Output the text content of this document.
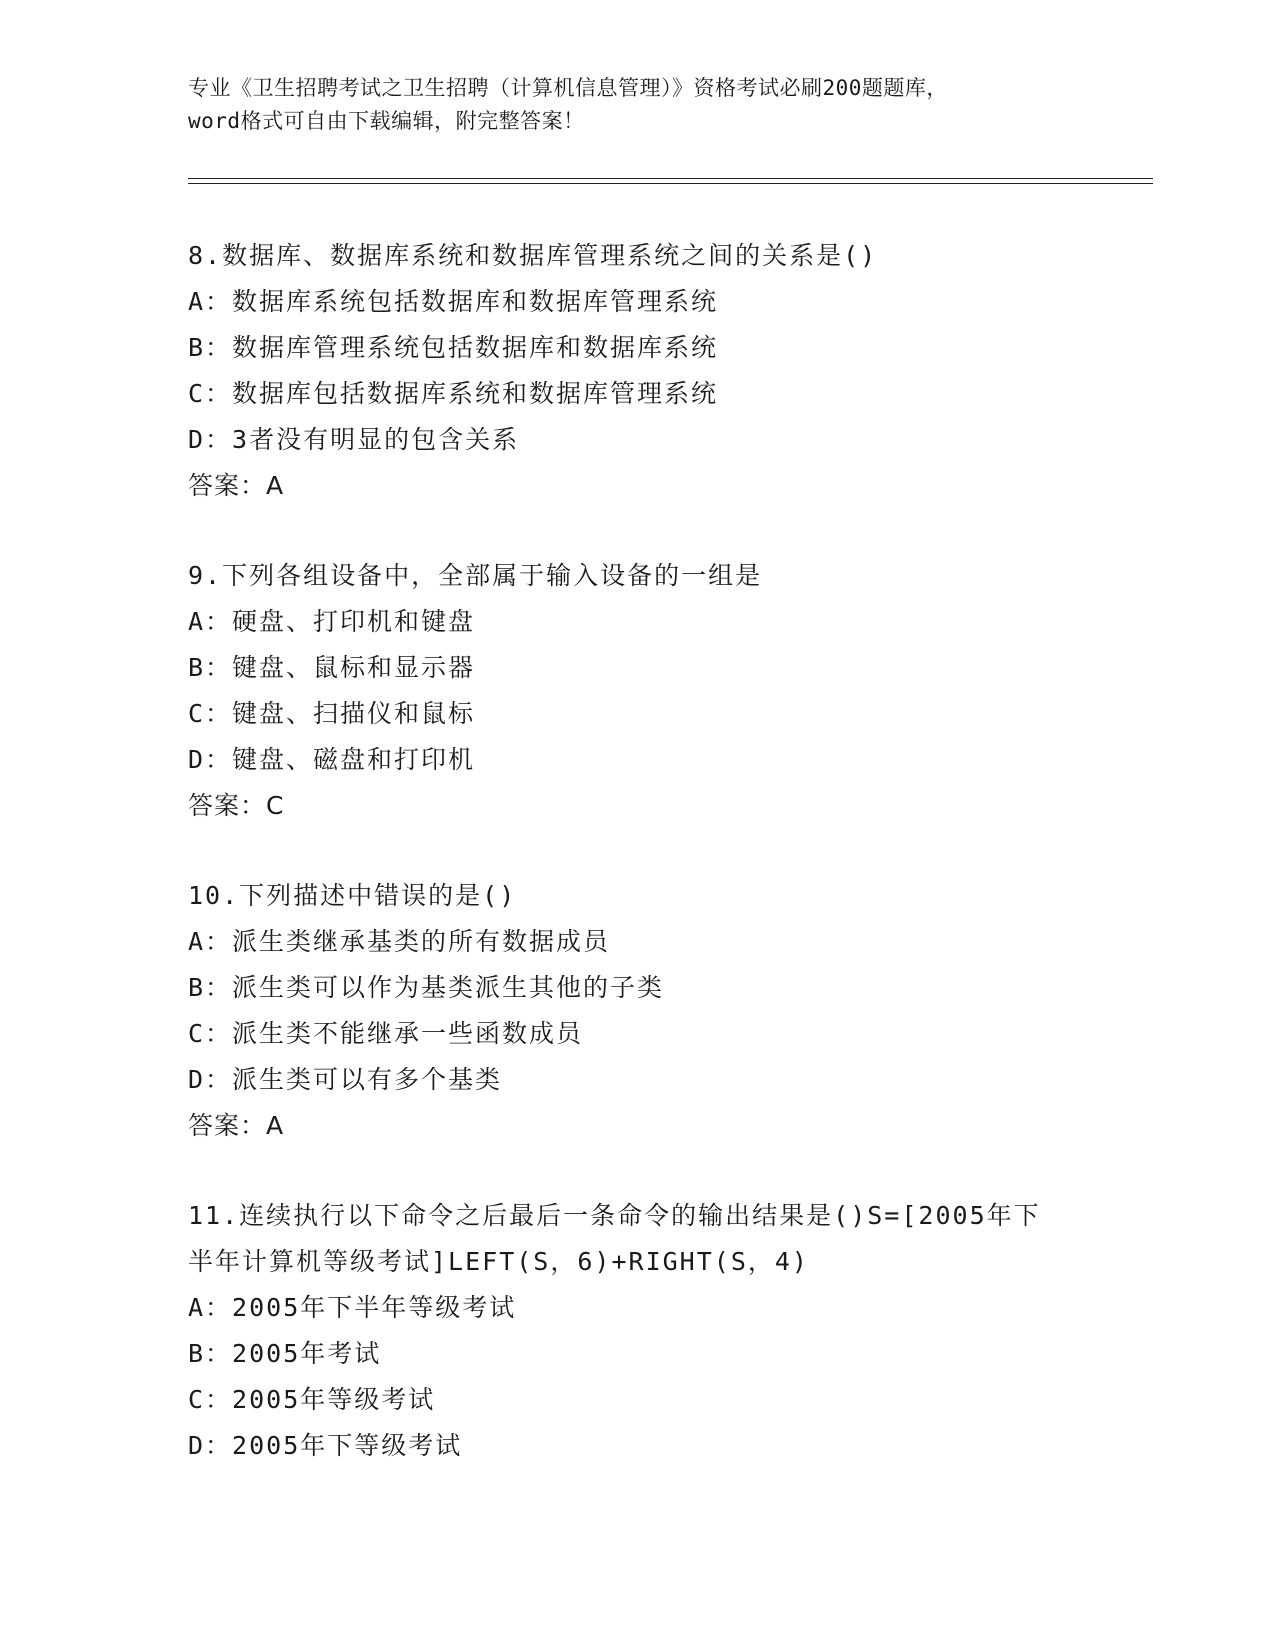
专业《卫生招聘考试之卫生招聘（计算机信息管理）》资格考试必刷200题题库，
word格式可自由下载编辑，附完整答案！

8.数据库、数据库系统和数据库管理系统之间的关系是()

A：数据库系统包括数据库和数据库管理系统

B：数据库管理系统包括数据库和数据库系统

C：数据库包括数据库系统和数据库管理系统

D：3者没有明显的包含关系

答案：A

9.下列各组设备中，全部属于输入设备的一组是

A：硬盘、打印机和键盘

B：键盘、鼠标和显示器

C：键盘、扫描仪和鼠标

D：键盘、磁盘和打印机

答案：C

10.下列描述中错误的是()

A：派生类继承基类的所有数据成员

B：派生类可以作为基类派生其他的子类

C：派生类不能继承一些函数成员

D：派生类可以有多个基类

答案：A

11.连续执行以下命令之后最后一条命令的输出结果是()S=[2005年下

半年计算机等级考试]LEFT(S，6)+RIGHT(S，4)

A：2005年下半年等级考试

B：2005年考试

C：2005年等级考试

D：2005年下等级考试
